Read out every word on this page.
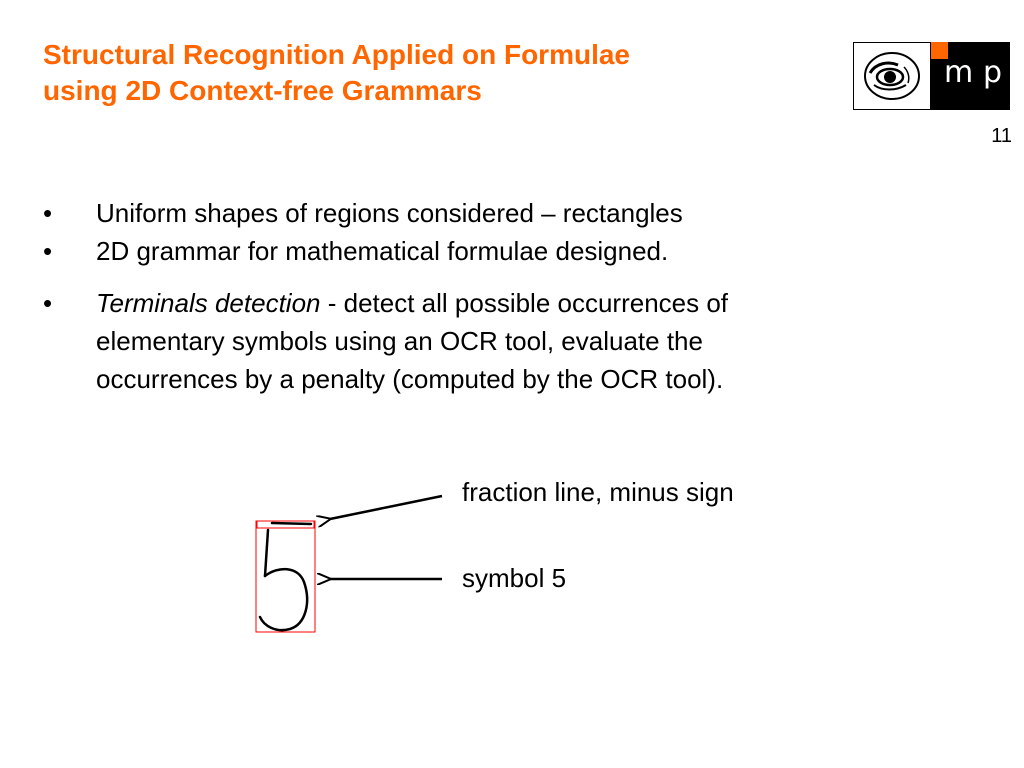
Structural Recognition Applied on Formulae
using 2D Context-free Grammars
m p
11
• Uniform shapes of regions considered – rectangles
• 2D grammar for mathematical formulae designed.
• Terminals detection - detect all possible occurrences of
elementary symbols using an OCR tool, evaluate the
occurrences by a penalty (computed by the OCR tool).
fraction line, minus sign
symbol 5
